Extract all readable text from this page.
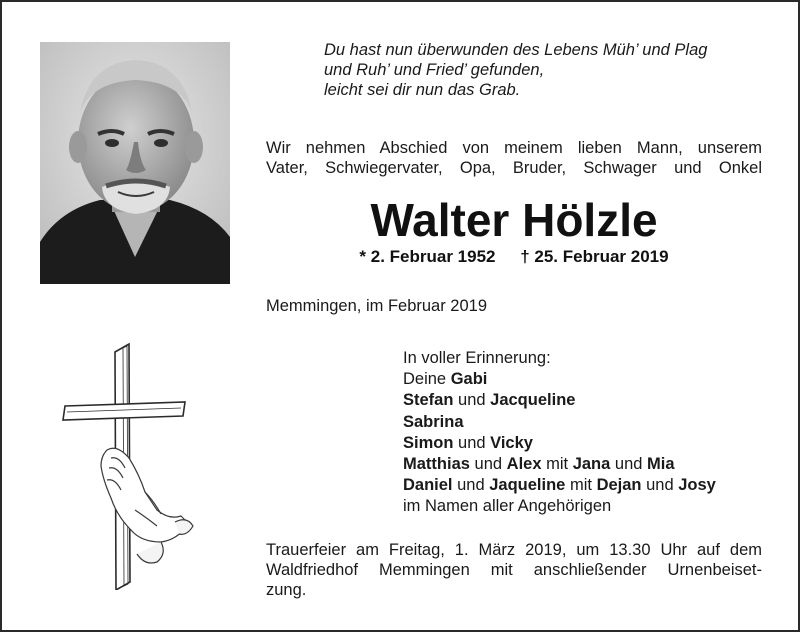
Du hast nun überwunden des Lebens Müh’ und Plag
und Ruh’ und Fried’ gefunden,
leicht sei dir nun das Grab.
Wir nehmen Abschied von meinem lieben Mann, unserem
Vater, Schwiegervater, Opa, Bruder, Schwager und Onkel
Walter Hölzle
* 2. Februar 1952 † 25. Februar 2019
Memmingen, im Februar 2019
In voller Erinnerung:
Deine Gabi
Stefan und Jacqueline
Sabrina
Simon und Vicky
Matthias und Alex mit Jana und Mia
Daniel und Jaqueline mit Dejan und Josy
im Namen aller Angehörigen
Trauerfeier am Freitag, 1. März 2019, um 13.30 Uhr auf dem
Waldfriedhof Memmingen mit anschließender Urnenbeiset-
zung.
